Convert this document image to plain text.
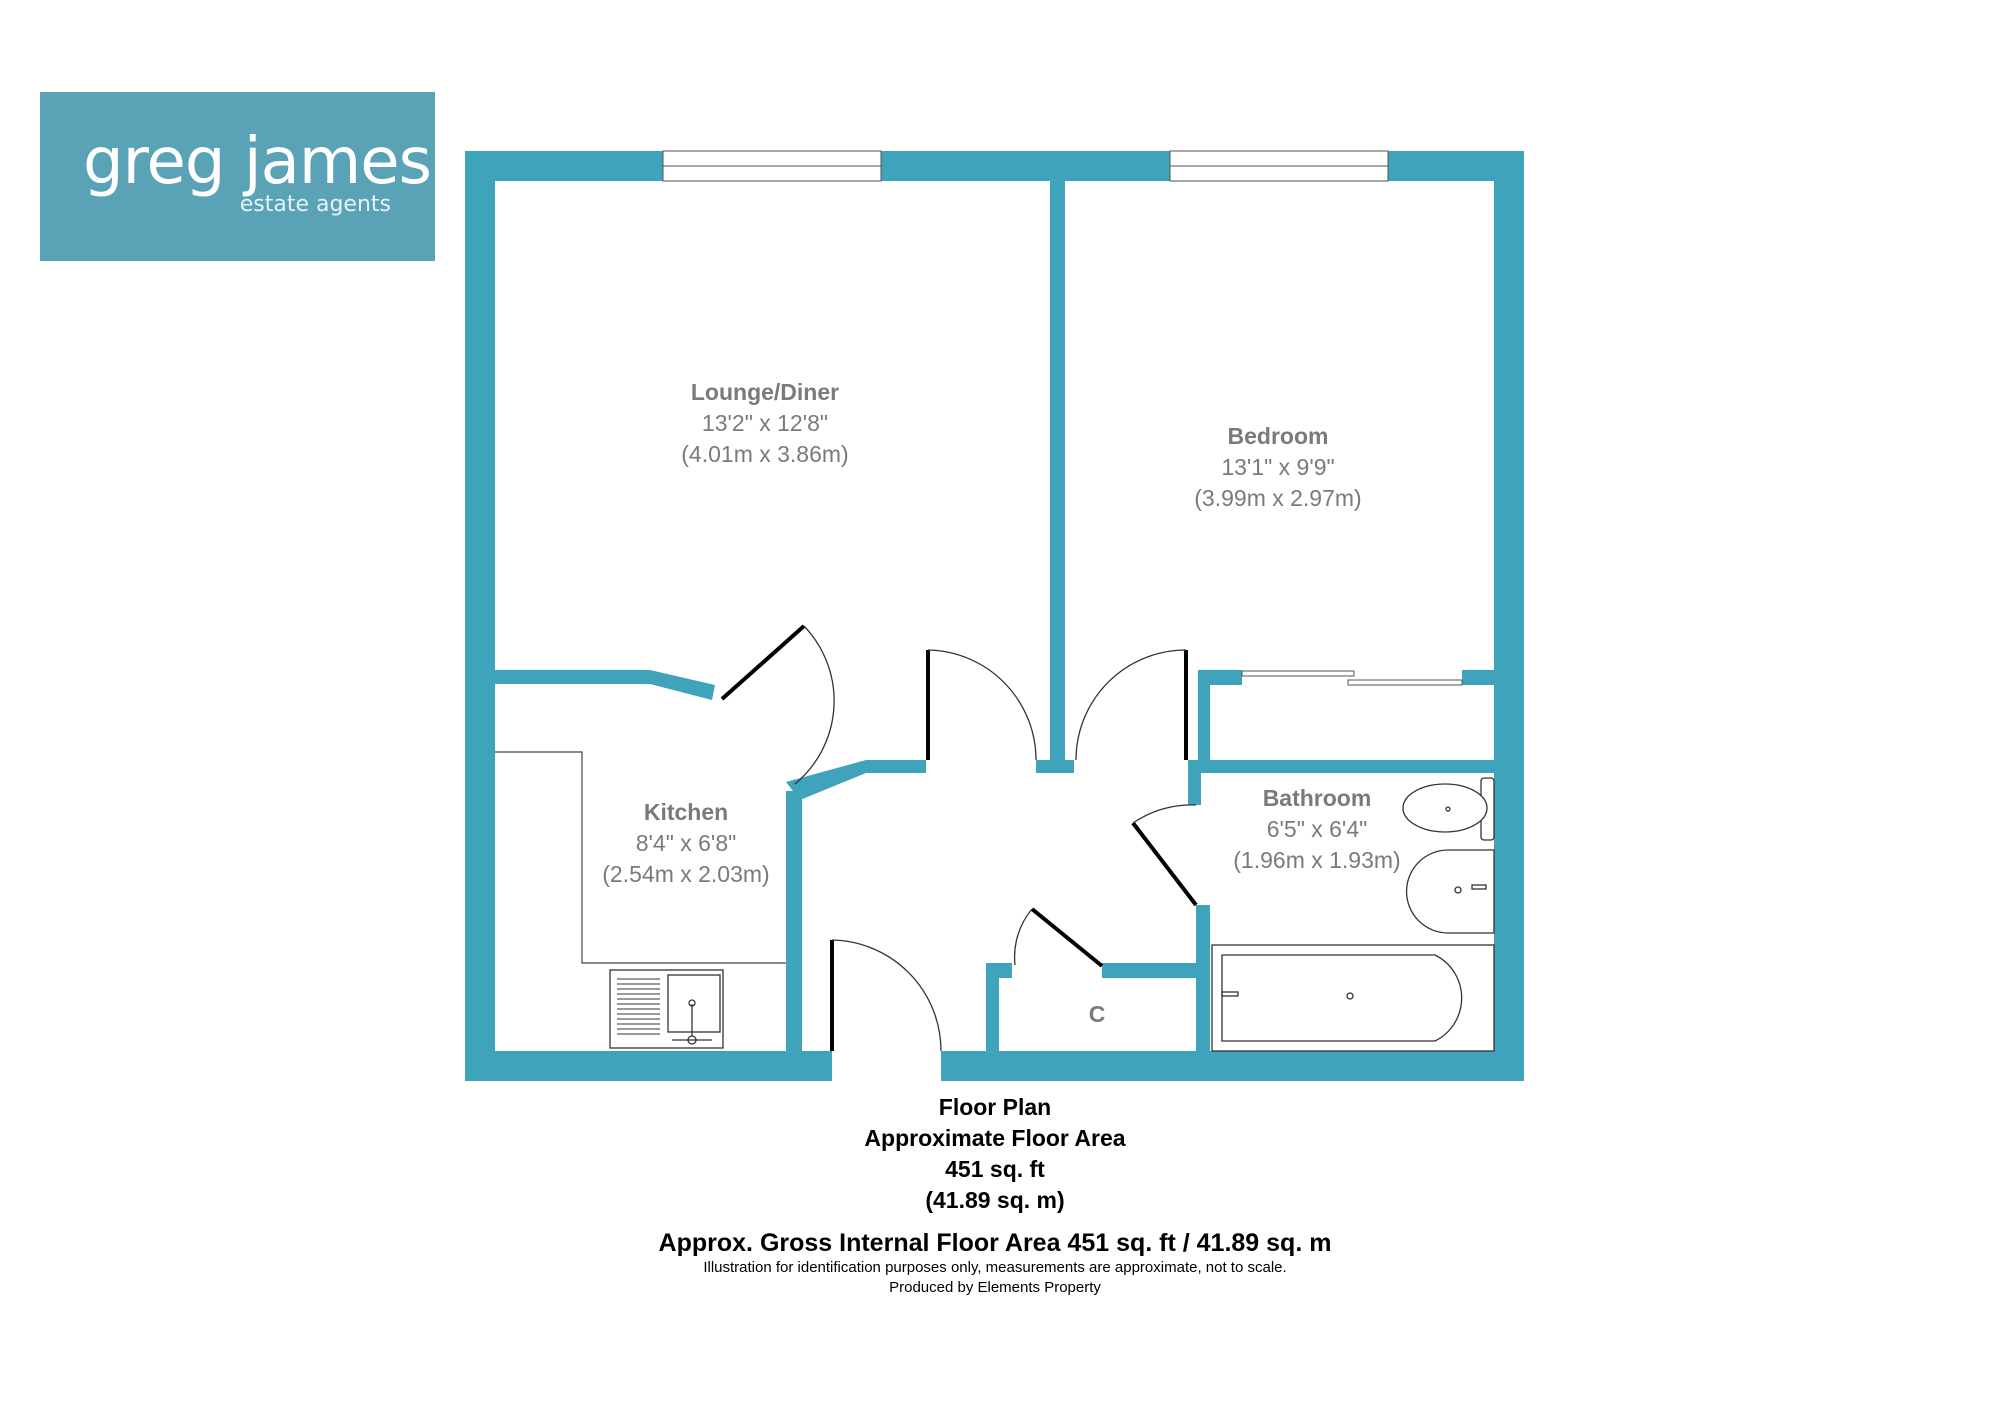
greg james
estate agents
Lounge/Diner
13'2" x 12'8"
(4.01m x 3.86m)
Bedroom
13'1" x 9'9"
(3.99m x 2.97m)
Kitchen
8'4" x 6'8"
(2.54m x 2.03m)
Bathroom
6'5" x 6'4"
(1.96m x 1.93m)
C
Floor Plan
Approximate Floor Area
451 sq. ft
(41.89 sq. m)
Approx. Gross Internal Floor Area 451 sq. ft / 41.89 sq. m
Illustration for identification purposes only, measurements are approximate, not to scale.
Produced by Elements Property
